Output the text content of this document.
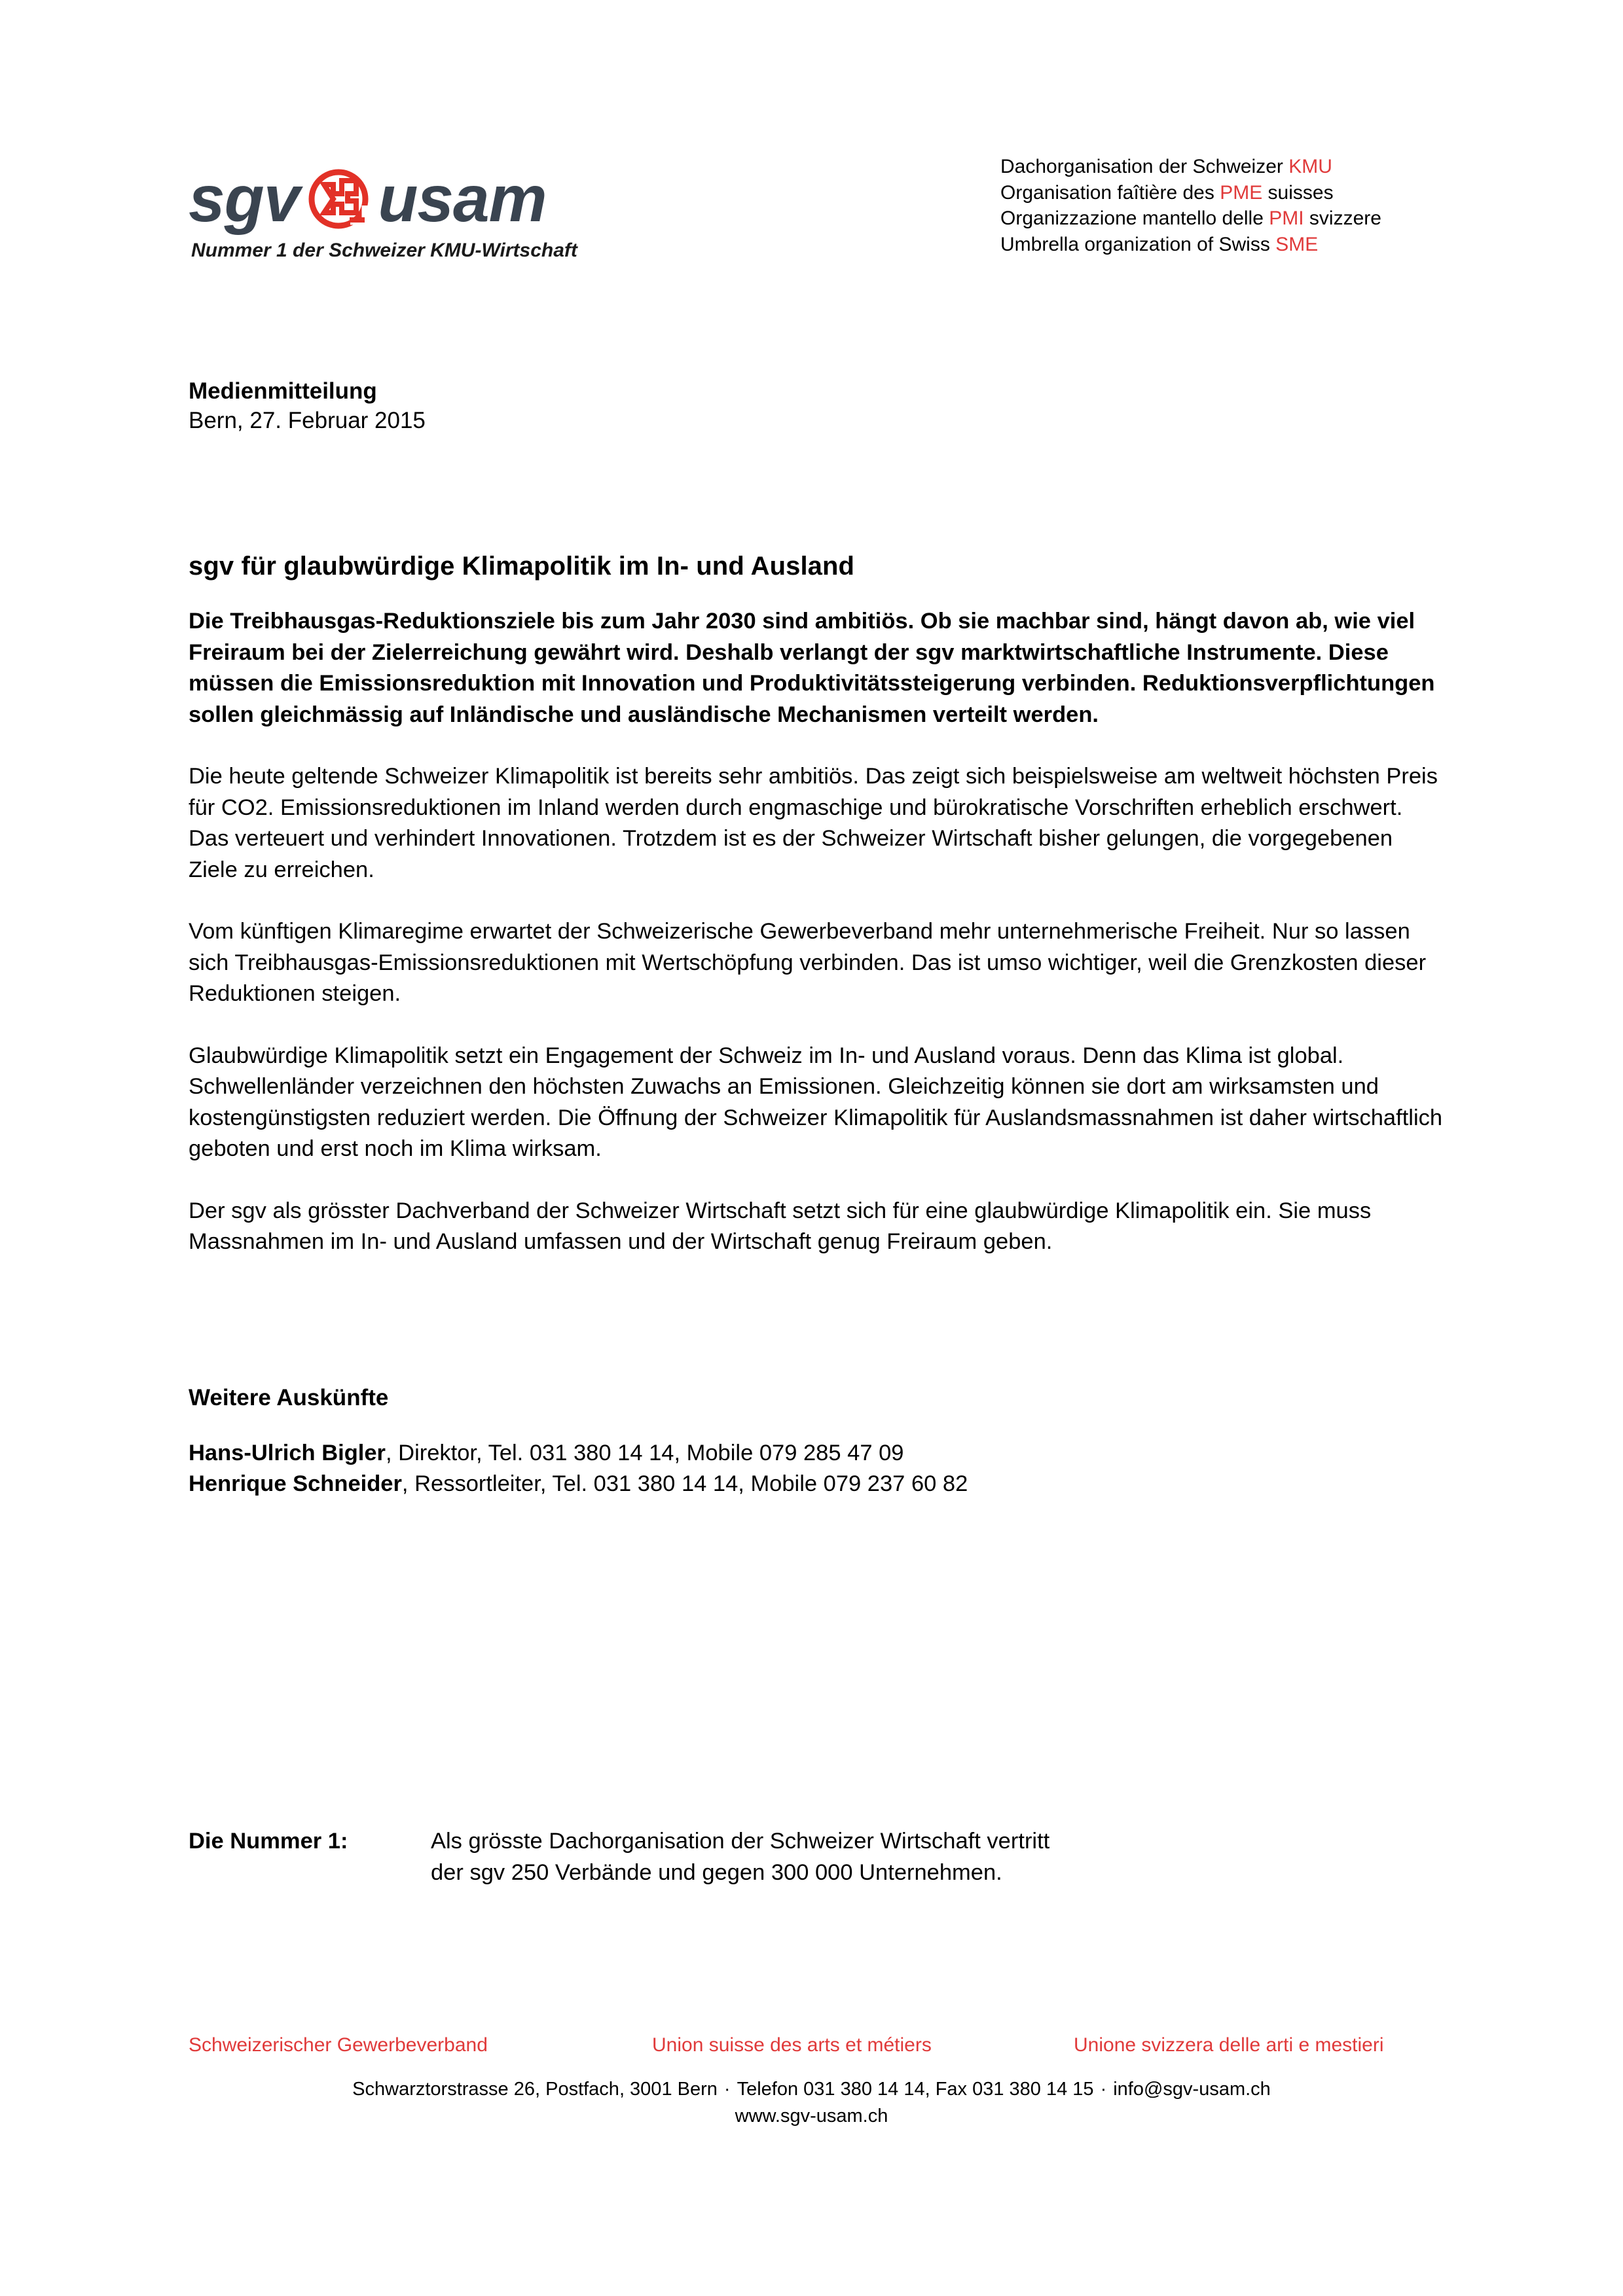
sgv usam
Nummer 1 der Schweizer KMU-Wirtschaft
Dachorganisation der Schweizer KMU
Organisation faîtière des PME suisses
Organizzazione mantello delle PMI svizzere
Umbrella organization of Swiss SME

Medienmitteilung

Bern, 27. Februar 2015

sgv für glaubwürdige Klimapolitik im In- und Ausland

Die Treibhausgas-Reduktionsziele bis zum Jahr 2030 sind ambitiös. Ob sie machbar sind, hängt davon ab, wie viel Freiraum bei der Zielerreichung gewährt wird. Deshalb verlangt der sgv marktwirtschaftliche Instrumente. Diese müssen die Emissionsreduktion mit Innovation und Produktivitätssteigerung verbinden. Reduktionsverpflichtungen sollen gleichmässig auf Inländische und ausländische Mechanismen verteilt werden.

Die heute geltende Schweizer Klimapolitik ist bereits sehr ambitiös. Das zeigt sich beispielsweise am weltweit höchsten Preis für CO2. Emissionsreduktionen im Inland werden durch engmaschige und bürokratische Vorschriften erheblich erschwert. Das verteuert und verhindert Innovationen. Trotzdem ist es der Schweizer Wirtschaft bisher gelungen, die vorgegebenen Ziele zu erreichen.

Vom künftigen Klimaregime erwartet der Schweizerische Gewerbeverband mehr unternehmerische Freiheit. Nur so lassen sich Treibhausgas-Emissionsreduktionen mit Wertschöpfung verbinden. Das ist umso wichtiger, weil die Grenzkosten dieser Reduktionen steigen.

Glaubwürdige Klimapolitik setzt ein Engagement der Schweiz im In- und Ausland voraus. Denn das Klima ist global. Schwellenländer verzeichnen den höchsten Zuwachs an Emissionen. Gleichzeitig können sie dort am wirksamsten und kostengünstigsten reduziert werden. Die Öffnung der Schweizer Klimapolitik für Auslandsmassnahmen ist daher wirtschaftlich geboten und erst noch im Klima wirksam.

Der sgv als grösster Dachverband der Schweizer Wirtschaft setzt sich für eine glaubwürdige Klimapolitik ein. Sie muss Massnahmen im In- und Ausland umfassen und der Wirtschaft genug Freiraum geben.

Weitere Auskünfte

Hans-Ulrich Bigler, Direktor, Tel. 031 380 14 14, Mobile 079 285 47 09

Henrique Schneider, Ressortleiter, Tel. 031 380 14 14, Mobile 079 237 60 82

Die Nummer 1:	Als grösste Dachorganisation der Schweizer Wirtschaft vertritt
der sgv 250 Verbände und gegen 300 000 Unternehmen.
Schweizerischer Gewerbeverband	Union suisse des arts et métiers	Unione svizzera delle arti e mestieri
Schwarztorstrasse 26, Postfach, 3001 Bern · Telefon 031 380 14 14, Fax 031 380 14 15 · info@sgv-usam.ch
www.sgv-usam.ch
